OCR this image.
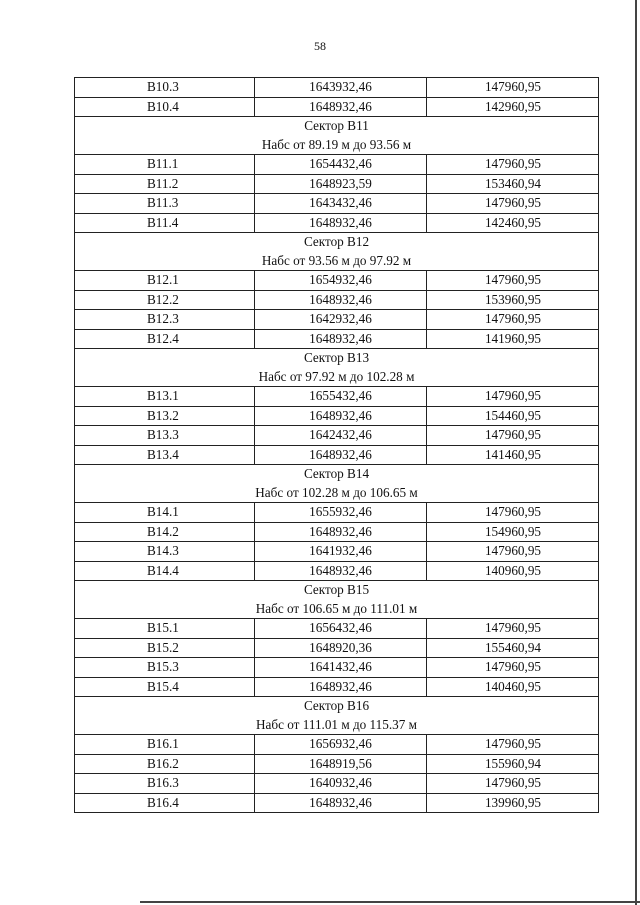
58
B10.3	1643932,46	147960,95
B10.4	1648932,46	142960,95
Сектор В11		
Набс от 89.19 м до 93.56 м		
B11.1	1654432,46	147960,95
B11.2	1648923,59	153460,94
B11.3	1643432,46	147960,95
B11.4	1648932,46	142460,95
Сектор В12		
Набс от 93.56 м до 97.92 м		
B12.1	1654932,46	147960,95
B12.2	1648932,46	153960,95
B12.3	1642932,46	147960,95
B12.4	1648932,46	141960,95
Сектор В13		
Набс от 97.92 м до 102.28 м		
B13.1	1655432,46	147960,95
B13.2	1648932,46	154460,95
B13.3	1642432,46	147960,95
B13.4	1648932,46	141460,95
Сектор В14		
Набс от 102.28 м до 106.65 м		
B14.1	1655932,46	147960,95
B14.2	1648932,46	154960,95
B14.3	1641932,46	147960,95
B14.4	1648932,46	140960,95
Сектор В15		
Набс от 106.65 м до 111.01 м		
B15.1	1656432,46	147960,95
B15.2	1648920,36	155460,94
B15.3	1641432,46	147960,95
B15.4	1648932,46	140460,95
Сектор В16		
Набс от 111.01 м до 115.37 м		
B16.1	1656932,46	147960,95
B16.2	1648919,56	155960,94
B16.3	1640932,46	147960,95
B16.4	1648932,46	139960,95
